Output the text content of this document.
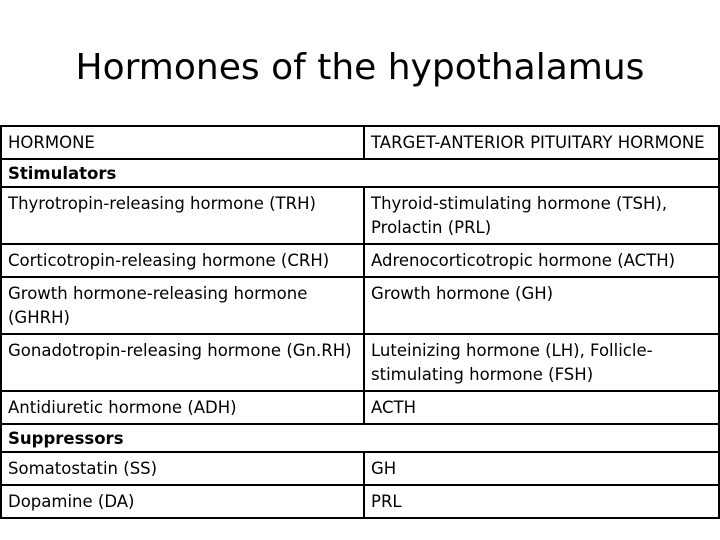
Hormones of the hypothalamus
HORMONE	TARGET-ANTERIOR PITUITARY HORMONE
Stimulators	
Thyrotropin-releasing hormone (TRH)	Thyroid-stimulating hormone (TSH), Prolactin (PRL)
Corticotropin-releasing hormone (CRH)	Adrenocorticotropic hormone (ACTH)
Growth hormone-releasing hormone (GHRH)	Growth hormone (GH)
Gonadotropin-releasing hormone (Gn.RH)	Luteinizing hormone (LH), Follicle-stimulating hormone (FSH)
Antidiuretic hormone (ADH)	ACTH
Suppressors	
Somatostatin (SS)	GH
Dopamine (DA)	PRL
